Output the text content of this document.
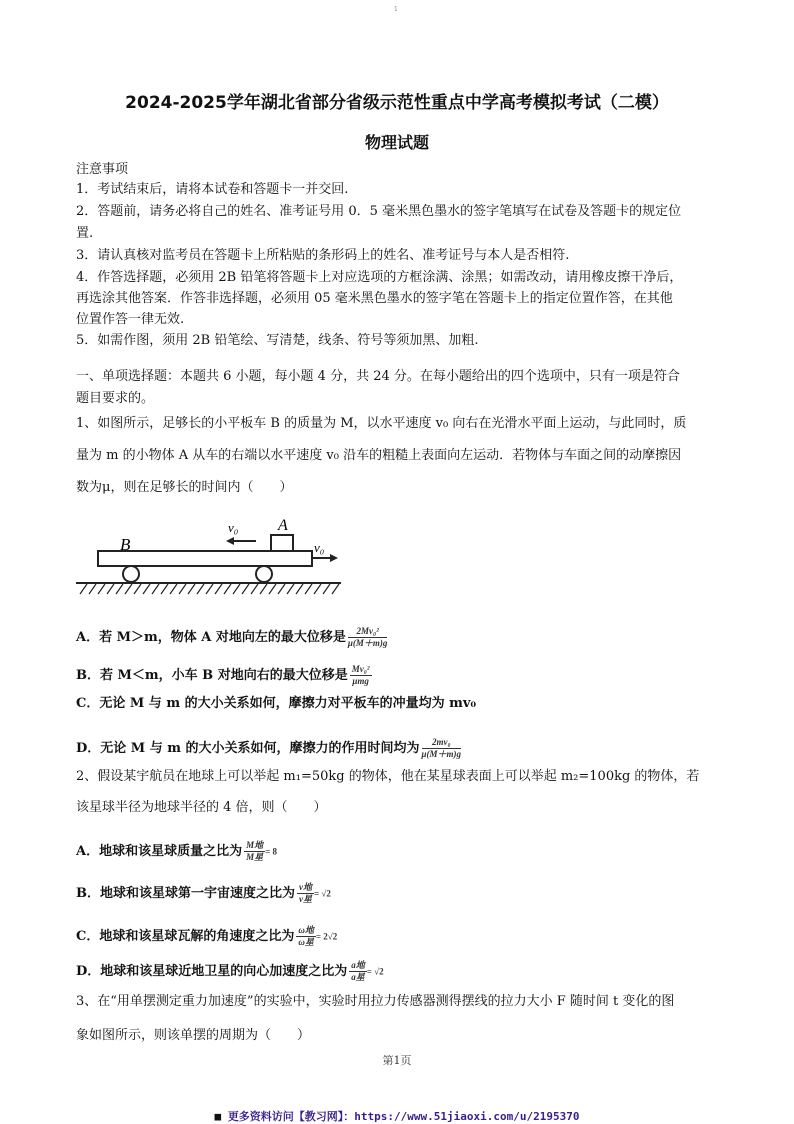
1
2024-2025学年湖北省部分省级示范性重点中学高考模拟考试（二模）
物理试题
注意事项
1．考试结束后，请将本试卷和答题卡一并交回.
2．答题前，请务必将自己的姓名、准考证号用 0．5 毫米黑色墨水的签字笔填写在试卷及答题卡的规定位
置.
3．请认真核对监考员在答题卡上所粘贴的条形码上的姓名、准考证号与本人是否相符.
4．作答选择题，必须用 2B 铅笔将答题卡上对应选项的方框涂满、涂黑；如需改动，请用橡皮擦干净后，
再选涂其他答案．作答非选择题，必须用 05 毫米黑色墨水的签字笔在答题卡上的指定位置作答，在其他
位置作答一律无效.
5．如需作图，须用 2B 铅笔绘、写清楚，线条、符号等须加黑、加粗.
一、单项选择题：本题共 6 小题，每小题 4 分，共 24 分。在每小题给出的四个选项中，只有一项是符合
题目要求的。
1、如图所示，足够长的小平板车 B 的质量为 M，以水平速度 v₀ 向右在光滑水平面上运动，与此同时，质
量为 m 的小物体 A 从车的右端以水平速度 v₀ 沿车的粗糙上表面向左运动．若物体与车面之间的动摩擦因
数为μ，则在足够长的时间内（　　）
B
A
v₀
v₀
A．若 M＞m，物体 A 对地向左的最大位移是 $\frac{\text{2Mv₀²}}{\mu(M+m)g}$
B．若 M＜m，小车 B 对地向右的最大位移是 $\frac{\text{Mv₀²}}{\text{μmg}}$
C．无论 M 与 m 的大小关系如何，摩擦力对平板车的冲量均为 mv₀
D．无论 M 与 m 的大小关系如何，摩擦力的作用时间均为 $\frac{\text{2mv₀}}{\mu(M+m)g}$
2、假设某宇航员在地球上可以举起 m₁=50kg 的物体，他在某星球表面上可以举起 m₂=100kg 的物体，若
该星球半径为地球半径的 4 倍，则（　　）
A．地球和该星球质量之比为 $\frac{\text{M地}}{\text{M星}} = 8$
B．地球和该星球第一宇宙速度之比为 $\frac{\text{v地}}{\text{v星}} = √2$
C．地球和该星球瓦解的角速度之比为 $\frac{\text{ω地}}{\text{ω星}} = 2√2$
D．地球和该星球近地卫星的向心加速度之比为 $\frac{\text{a地}}{\text{a星}} = √2$
3、在“用单摆测定重力加速度”的实验中，实验时用拉力传感器测得摆线的拉力大小 F 随时间 t 变化的图
象如图所示，则该单摆的周期为（　　）
第1页
■ 更多资料访问【教习网】：https://www.51jiaoxi.com/u/2195370
